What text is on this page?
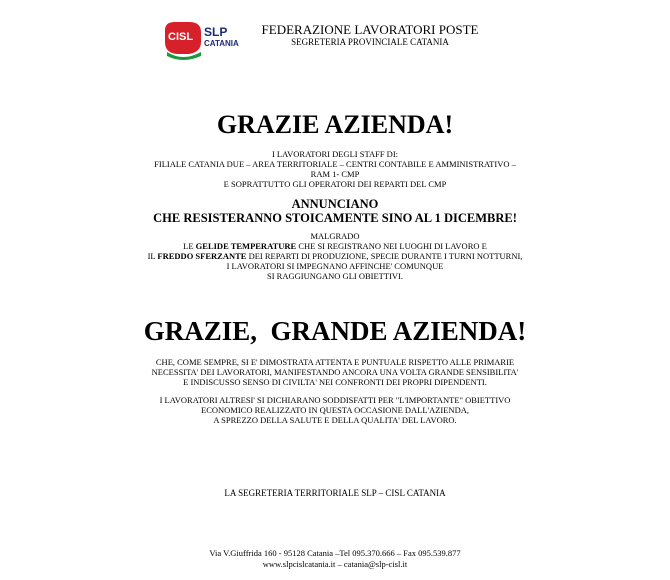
CISL SLP
CATANIA
FEDERAZIONE LAVORATORI POSTE
SEGRETERIA PROVINCIALE CATANIA
GRAZIE AZIENDA!
I LAVORATORI DEGLI STAFF DI:
FILIALE CATANIA DUE – AREA TERRITORIALE – CENTRI CONTABILE E AMMINISTRATIVO –
RAM 1- CMP
E SOPRATTUTTO GLI OPERATORI DEI REPARTI DEL CMP
ANNUNCIANO
CHE RESISTERANNO STOICAMENTE SINO AL 1 DICEMBRE!
MALGRADO
LE GELIDE TEMPERATURE CHE SI REGISTRANO NEI LUOGHI DI LAVORO E
IL FREDDO SFERZANTE DEI REPARTI DI PRODUZIONE, SPECIE DURANTE I TURNI NOTTURNI,
I LAVORATORI SI IMPEGNANO AFFINCHE' COMUNQUE
SI RAGGIUNGANO GLI OBIETTIVI.
GRAZIE,  GRANDE AZIENDA!
CHE, COME SEMPRE, SI E' DIMOSTRATA ATTENTA E PUNTUALE RISPETTO ALLE PRIMARIE
NECESSITA' DEI LAVORATORI, MANIFESTANDO ANCORA UNA VOLTA GRANDE SENSIBILITA'
E INDISCUSSO SENSO DI CIVILTA' NEI CONFRONTI DEI PROPRI DIPENDENTI.
I LAVORATORI ALTRESI' SI DICHIARANO SODDISFATTI PER "L'IMPORTANTE" OBIETTIVO
ECONOMICO REALIZZATO IN QUESTA OCCASIONE DALL'AZIENDA,
A SPREZZO DELLA SALUTE E DELLA QUALITA' DEL LAVORO.
LA SEGRETERIA TERRITORIALE SLP – CISL CATANIA
Via V.Giuffrida 160 - 95128 Catania –Tel 095.370.666 – Fax 095.539.877
www.slpcislcatania.it – catania@slp-cisl.it
